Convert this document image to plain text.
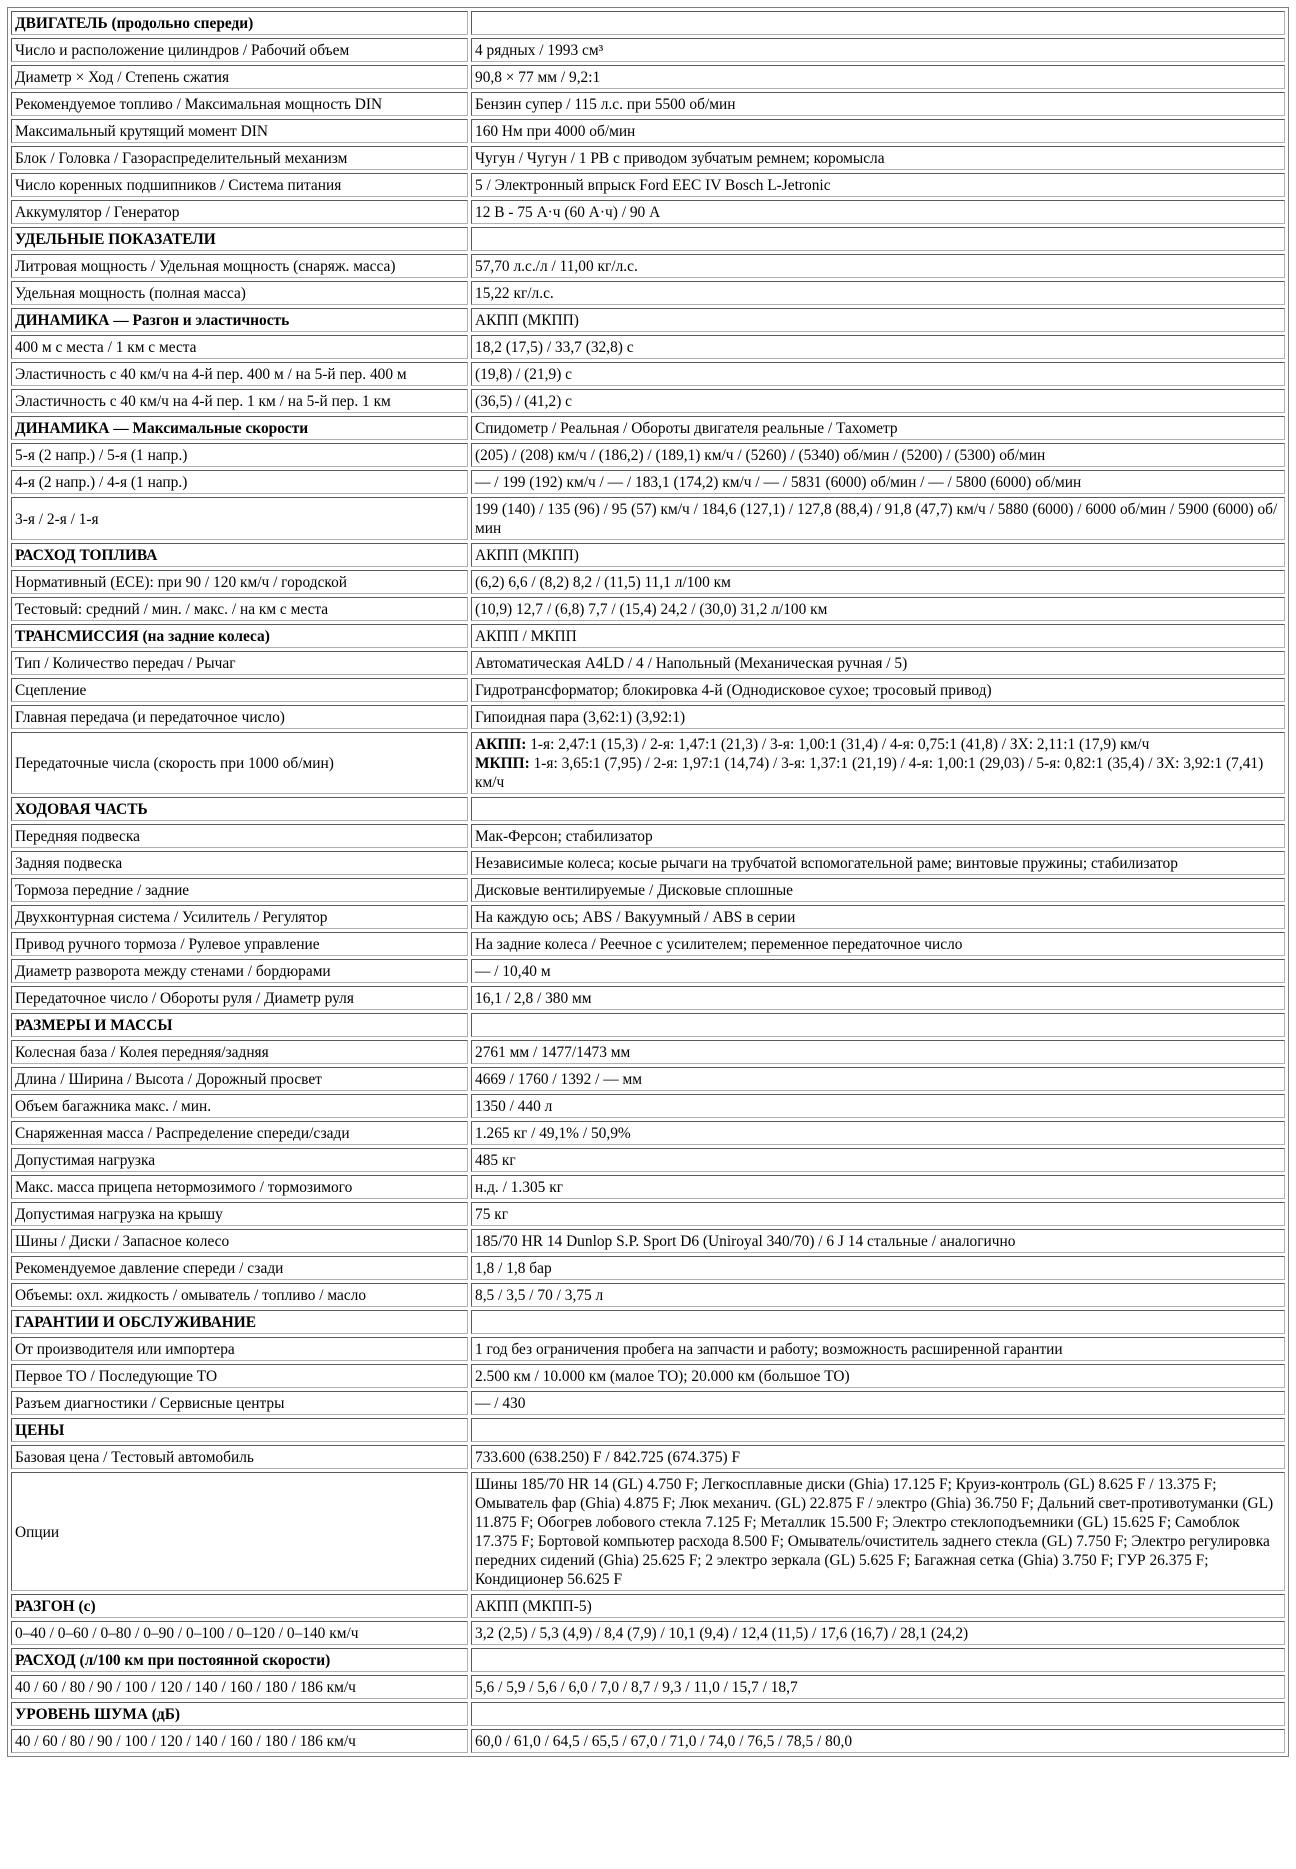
ДВИГАТЕЛЬ (продольно спереди)	
Число и расположение цилиндров / Рабочий объем	4 рядных / 1993 см³
Диаметр × Ход / Степень сжатия	90,8 × 77 мм / 9,2:1
Рекомендуемое топливо / Максимальная мощность DIN	Бензин супер / 115 л.с. при 5500 об/мин
Максимальный крутящий момент DIN	160 Нм при 4000 об/мин
Блок / Головка / Газораспределительный механизм	Чугун / Чугун / 1 РВ с приводом зубчатым ремнем; коромысла
Число коренных подшипников / Система питания	5 / Электронный впрыск Ford EEC IV Bosch L-Jetronic
Аккумулятор / Генератор	12 В - 75 А·ч (60 А·ч) / 90 А
УДЕЛЬНЫЕ ПОКАЗАТЕЛИ	
Литровая мощность / Удельная мощность (снаряж. масса)	57,70 л.с./л / 11,00 кг/л.с.
Удельная мощность (полная масса)	15,22 кг/л.с.
ДИНАМИКА — Разгон и эластичность	АКПП (МКПП)
400 м с места / 1 км с места	18,2 (17,5) / 33,7 (32,8) с
Эластичность с 40 км/ч на 4-й пер. 400 м / на 5-й пер. 400 м	(19,8) / (21,9) с
Эластичность с 40 км/ч на 4-й пер. 1 км / на 5-й пер. 1 км	(36,5) / (41,2) с
ДИНАМИКА — Максимальные скорости	Спидометр / Реальная / Обороты двигателя реальные / Тахометр
5-я (2 напр.) / 5-я (1 напр.)	(205) / (208) км/ч / (186,2) / (189,1) км/ч / (5260) / (5340) об/мин / (5200) / (5300) об/мин
4-я (2 напр.) / 4-я (1 напр.)	— / 199 (192) км/ч / — / 183,1 (174,2) км/ч / — / 5831 (6000) об/мин / — / 5800 (6000) об/мин
3-я / 2-я / 1-я	199 (140) / 135 (96) / 95 (57) км/ч / 184,6 (127,1) / 127,8 (88,4) / 91,8 (47,7) км/ч / 5880 (6000) / 6000 об/мин / 5900 (6000) об/мин
РАСХОД ТОПЛИВА	АКПП (МКПП)
Нормативный (ECE): при 90 / 120 км/ч / городской	(6,2) 6,6 / (8,2) 8,2 / (11,5) 11,1 л/100 км
Тестовый: средний / мин. / макс. / на км с места	(10,9) 12,7 / (6,8) 7,7 / (15,4) 24,2 / (30,0) 31,2 л/100 км
ТРАНСМИССИЯ (на задние колеса)	АКПП / МКПП
Тип / Количество передач / Рычаг	Автоматическая A4LD / 4 / Напольный (Механическая ручная / 5)
Сцепление	Гидротрансформатор; блокировка 4-й (Однодисковое сухое; тросовый привод)
Главная передача (и передаточное число)	Гипоидная пара (3,62:1) (3,92:1)
Передаточные числа (скорость при 1000 об/мин)	АКПП: 1-я: 2,47:1 (15,3) / 2-я: 1,47:1 (21,3) / 3-я: 1,00:1 (31,4) / 4-я: 0,75:1 (41,8) / ЗХ: 2,11:1 (17,9) км/ч
МКПП: 1-я: 3,65:1 (7,95) / 2-я: 1,97:1 (14,74) / 3-я: 1,37:1 (21,19) / 4-я: 1,00:1 (29,03) / 5-я: 0,82:1 (35,4) / ЗХ: 3,92:1 (7,41) км/ч
ХОДОВАЯ ЧАСТЬ	
Передняя подвеска	Мак-Ферсон; стабилизатор
Задняя подвеска	Независимые колеса; косые рычаги на трубчатой вспомогательной раме; винтовые пружины; стабилизатор
Тормоза передние / задние	Дисковые вентилируемые / Дисковые сплошные
Двухконтурная система / Усилитель / Регулятор	На каждую ось; ABS / Вакуумный / ABS в серии
Привод ручного тормоза / Рулевое управление	На задние колеса / Реечное с усилителем; переменное передаточное число
Диаметр разворота между стенами / бордюрами	— / 10,40 м
Передаточное число / Обороты руля / Диаметр руля	16,1 / 2,8 / 380 мм
РАЗМЕРЫ И МАССЫ	
Колесная база / Колея передняя/задняя	2761 мм / 1477/1473 мм
Длина / Ширина / Высота / Дорожный просвет	4669 / 1760 / 1392 / — мм
Объем багажника макс. / мин.	1350 / 440 л
Снаряженная масса / Распределение спереди/сзади	1.265 кг / 49,1% / 50,9%
Допустимая нагрузка	485 кг
Макс. масса прицепа нетормозимого / тормозимого	н.д. / 1.305 кг
Допустимая нагрузка на крышу	75 кг
Шины / Диски / Запасное колесо	185/70 HR 14 Dunlop S.P. Sport D6 (Uniroyal 340/70) / 6 J 14 стальные / аналогично
Рекомендуемое давление спереди / сзади	1,8 / 1,8 бар
Объемы: охл. жидкость / омыватель / топливо / масло	8,5 / 3,5 / 70 / 3,75 л
ГАРАНТИИ И ОБСЛУЖИВАНИЕ	
От производителя или импортера	1 год без ограничения пробега на запчасти и работу; возможность расширенной гарантии
Первое ТО / Последующие ТО	2.500 км / 10.000 км (малое ТО); 20.000 км (большое ТО)
Разъем диагностики / Сервисные центры	— / 430
ЦЕНЫ	
Базовая цена / Тестовый автомобиль	733.600 (638.250) F / 842.725 (674.375) F
Опции	Шины 185/70 HR 14 (GL) 4.750 F; Легкосплавные диски (Ghia) 17.125 F; Круиз-контроль (GL) 8.625 F / 13.375 F; Омыватель фар (Ghia) 4.875 F; Люк механич. (GL) 22.875 F / электро (Ghia) 36.750 F; Дальний свет-противотуманки (GL) 11.875 F; Обогрев лобового стекла 7.125 F; Металлик 15.500 F; Электро стеклоподъемники (GL) 15.625 F; Самоблок 17.375 F; Бортовой компьютер расхода 8.500 F; Омыватель/очиститель заднего стекла (GL) 7.750 F; Электро регулировка передних сидений (Ghia) 25.625 F; 2 электро зеркала (GL) 5.625 F; Багажная сетка (Ghia) 3.750 F; ГУР 26.375 F; Кондиционер 56.625 F
РАЗГОН (с)	АКПП (МКПП-5)
0–40 / 0–60 / 0–80 / 0–90 / 0–100 / 0–120 / 0–140 км/ч	3,2 (2,5) / 5,3 (4,9) / 8,4 (7,9) / 10,1 (9,4) / 12,4 (11,5) / 17,6 (16,7) / 28,1 (24,2)
РАСХОД (л/100 км при постоянной скорости)	
40 / 60 / 80 / 90 / 100 / 120 / 140 / 160 / 180 / 186 км/ч	5,6 / 5,9 / 5,6 / 6,0 / 7,0 / 8,7 / 9,3 / 11,0 / 15,7 / 18,7
УРОВЕНЬ ШУМА (дБ)	
40 / 60 / 80 / 90 / 100 / 120 / 140 / 160 / 180 / 186 км/ч	60,0 / 61,0 / 64,5 / 65,5 / 67,0 / 71,0 / 74,0 / 76,5 / 78,5 / 80,0
